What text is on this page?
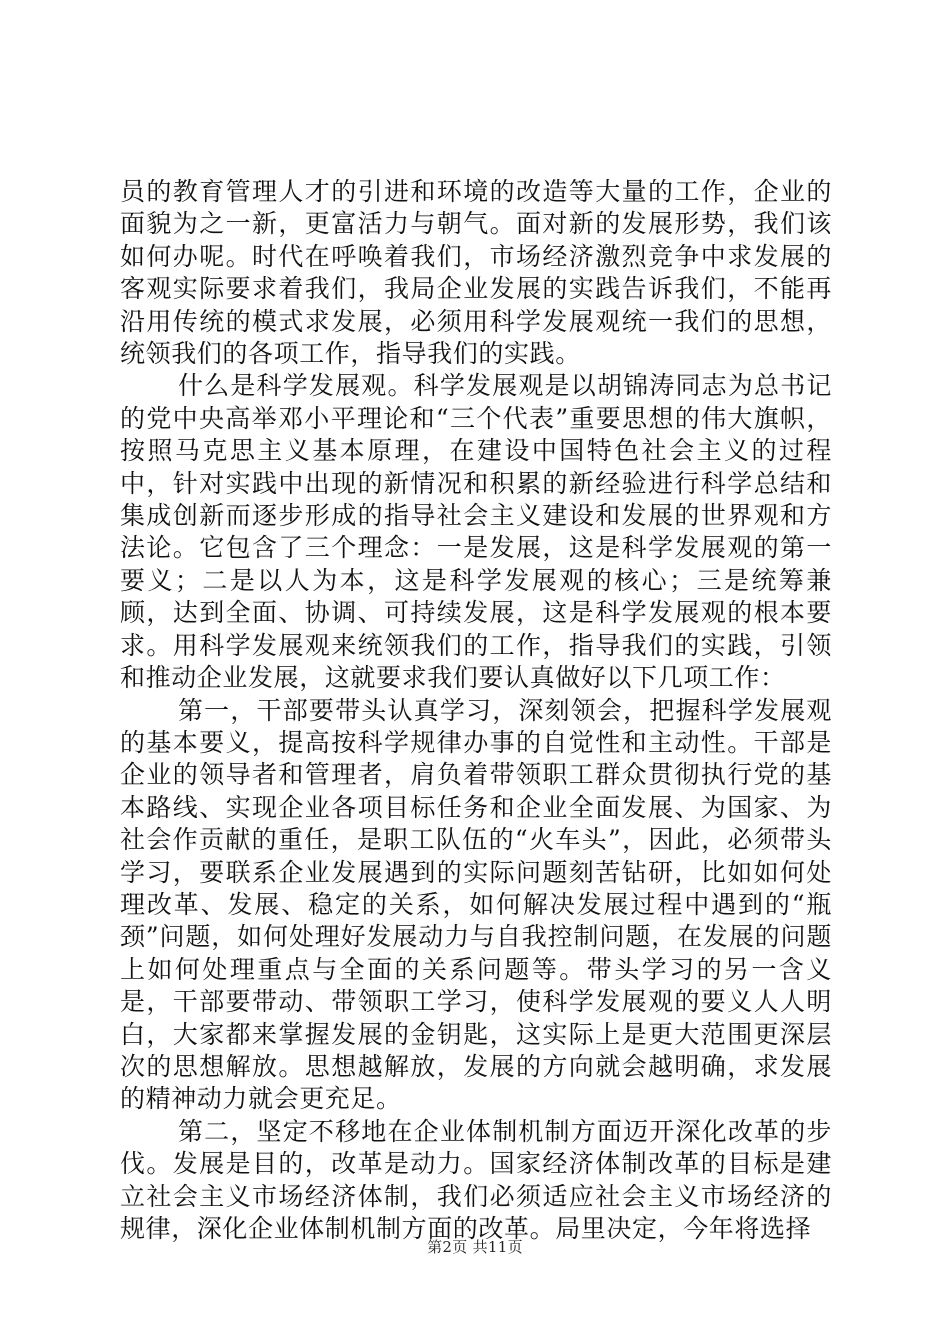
员的教育管理人才的引进和环境的改造等大量的工作，企业的面貌为之一新，更富活力与朝气。面对新的发展形势，我们该如何办呢。时代在呼唤着我们，市场经济激烈竞争中求发展的客观实际要求着我们，我局企业发展的实践告诉我们，不能再沿用传统的模式求发展，必须用科学发展观统一我们的思想，统领我们的各项工作，指导我们的实践。

什么是科学发展观。科学发展观是以胡锦涛同志为总书记的党中央高举邓小平理论和“三个代表”重要思想的伟大旗帜，按照马克思主义基本原理，在建设中国特色社会主义的过程中，针对实践中出现的新情况和积累的新经验进行科学总结和集成创新而逐步形成的指导社会主义建设和发展的世界观和方法论。它包含了三个理念：一是发展，这是科学发展观的第一要义；二是以人为本，这是科学发展观的核心；三是统筹兼顾，达到全面、协调、可持续发展，这是科学发展观的根本要求。用科学发展观来统领我们的工作，指导我们的实践，引领和推动企业发展，这就要求我们要认真做好以下几项工作：

第一，干部要带头认真学习，深刻领会，把握科学发展观的基本要义，提高按科学规律办事的自觉性和主动性。干部是企业的领导者和管理者，肩负着带领职工群众贯彻执行党的基本路线、实现企业各项目标任务和企业全面发展、为国家、为社会作贡献的重任，是职工队伍的“火车头”，因此，必须带头学习，要联系企业发展遇到的实际问题刻苦钻研，比如如何处理改革、发展、稳定的关系，如何解决发展过程中遇到的“瓶颈”问题，如何处理好发展动力与自我控制问题，在发展的问题上如何处理重点与全面的关系问题等。带头学习的另一含义是，干部要带动、带领职工学习，使科学发展观的要义人人明白，大家都来掌握发展的金钥匙，这实际上是更大范围更深层次的思想解放。思想越解放，发展的方向就会越明确，求发展的精神动力就会更充足。

第二，坚定不移地在企业体制机制方面迈开深化改革的步伐。发展是目的，改革是动力。国家经济体制改革的目标是建立社会主义市场经济体制，我们必须适应社会主义市场经济的规律，深化企业体制机制方面的改革。局里决定，今年将选择

第2页 共11页
